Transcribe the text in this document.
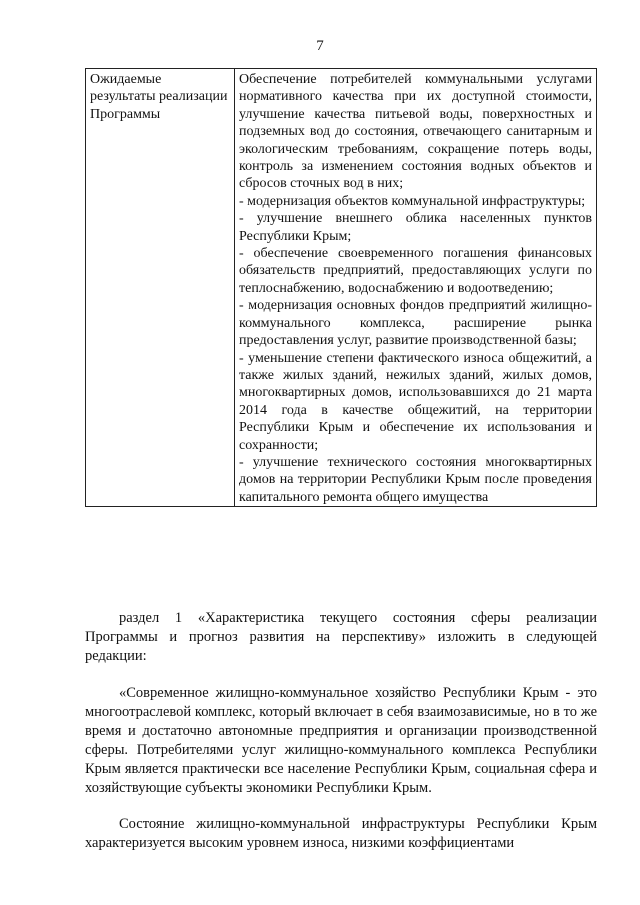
7
Ожидаемые результаты реализации Программы	
Обеспечение потребителей коммунальными услугами нормативного качества при их доступной стоимости, улучшение качества питьевой воды, поверхностных и подземных вод до состояния, отвечающего санитарным и экологическим требованиям, сокращение потерь воды, контроль за изменением состояния водных объектов и сбросов сточных вод в них;
- модернизация объектов коммунальной инфраструктуры;
- улучшение внешнего облика населенных пунктов Республики Крым;
- обеспечение своевременного погашения финансовых обязательств предприятий, предоставляющих услуги по теплоснабжению, водоснабжению и водоотведению;
- модернизация основных фондов предприятий жилищно-коммунального комплекса, расширение рынка предоставления услуг, развитие производственной базы;
- уменьшение степени фактического износа общежитий, а также жилых зданий, нежилых зданий, жилых домов, многоквартирных домов, использовавшихся до 21 марта 2014 года в качестве общежитий, на территории Республики Крым и обеспечение их использования и сохранности;
- улучшение технического состояния многоквартирных домов на территории Республики Крым после проведения капитального ремонта общего имущества

раздел 1 «Характеристика текущего состояния сферы реализации Программы и прогноз развития на перспективу» изложить в следующей редакции:

«Современное жилищно-коммунальное хозяйство Республики Крым - это многоотраслевой комплекс, который включает в себя взаимозависимые, но в то же время и достаточно автономные предприятия и организации производственной сферы. Потребителями услуг жилищно-коммунального комплекса Республики Крым является практически все население Республики Крым, социальная сфера и хозяйствующие субъекты экономики Республики Крым.

Состояние жилищно-коммунальной инфраструктуры Республики Крым характеризуется высоким уровнем износа, низкими коэффициентами
